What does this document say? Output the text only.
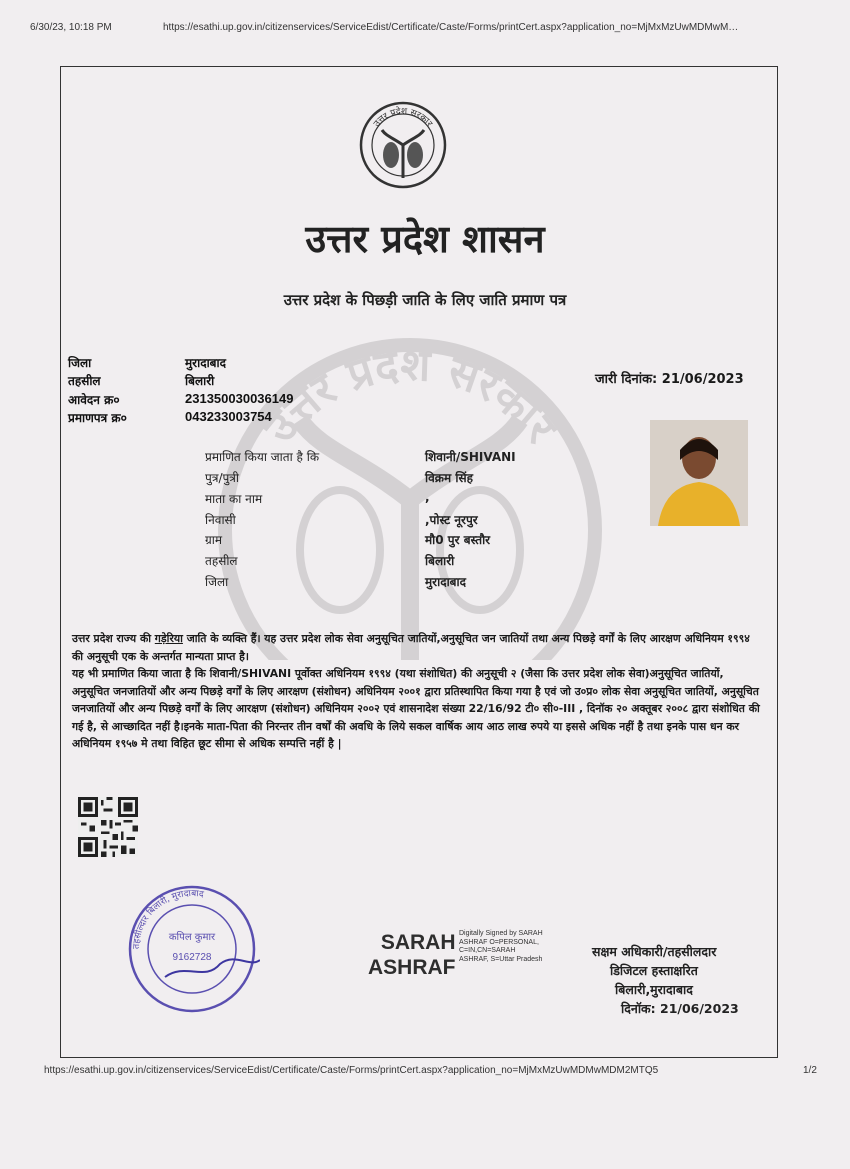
6/30/23, 10:18 PM	https://esathi.up.gov.in/citizenservices/ServiceEdist/Certificate/Caste/Forms/printCert.aspx?application_no=MjMxMzUwMDMwM…
उत्तर प्रदेश सरकार
उत्तर प्रदेश सरकार
उत्तर प्रदेश शासन
उत्तर प्रदेश के पिछड़ी जाति के लिए जाति प्रमाण पत्र
जिला	मुरादाबाद
तहसील	बिलारी
आवेदन क्र०	231350030036149
प्रमाणपत्र क्र०	043233003754
जारी दिनांक: 21/06/2023
प्रमाणित किया जाता है कि	शिवानी/SHIVANI
पुत्र/पुत्री	विक्रम सिंह
माता का नाम	,
निवासी	,पोस्ट नूरपुर
ग्राम	मौ0 पुर बस्तौर
तहसील	बिलारी
जिला	मुरादाबाद

उत्तर प्रदेश राज्य की गड़ेरिया जाति के व्यक्ति हैं। यह उत्तर प्रदेश लोक सेवा अनुसूचित जातियों,अनुसूचित जन जातियों तथा अन्य पिछड़े वर्गों के लिए आरक्षण अधिनियम १९९४ की अनुसूची एक के अन्तर्गत मान्यता प्राप्त है।

यह भी प्रमाणित किया जाता है कि शिवानी/SHIVANI पूर्वोक्त अधिनियम १९९४ (यथा संशोधित) की अनुसूची २ (जैसा कि उत्तर प्रदेश लोक सेवा)अनुसूचित जातियों, अनुसूचित जनजातियों और अन्य पिछड़े वर्गों के लिए आरक्षण (संशोधन) अधिनियम २००१ द्वारा प्रतिस्थापित किया गया है एवं जो उ०प्र० लोक सेवा अनुसूचित जातियों, अनुसूचित जनजातियों और अन्य पिछड़े वर्गों के लिए आरक्षण (संशोधन) अधिनियम २००२ एवं शासनादेश संख्या 22/16/92 टी० सी०-III , दिनॉक २० अक्तूबर २००८ द्वारा संशोधित की गई है, से आच्छादित नहीं है।इनके माता-पिता की निरन्तर तीन वर्षों की अवधि के लिये सकल वार्षिक आय आठ लाख रुपये या इससे अधिक नहीं है तथा इनके पास धन कर अधिनियम १९५७ मे तथा विहित छूट सीमा से अधिक सम्पत्ति नहीं है |

तहसील्दार बिलारी, मुरादाबाद
कपिल कुमार
9162728
SARAH
ASHRAF
Digitally Signed by SARAH
ASHRAF O=PERSONAL,
C=IN,CN=SARAH
ASHRAF, S=Uttar Pradesh	सक्षम अधिकारी/तहसीलदार
डिजिटल हस्ताक्षरित
बिलारी,मुरादाबाद
दिनॉक: 21/06/2023
https://esathi.up.gov.in/citizenservices/ServiceEdist/Certificate/Caste/Forms/printCert.aspx?application_no=MjMxMzUwMDMwMDM2MTQ5	1/2
